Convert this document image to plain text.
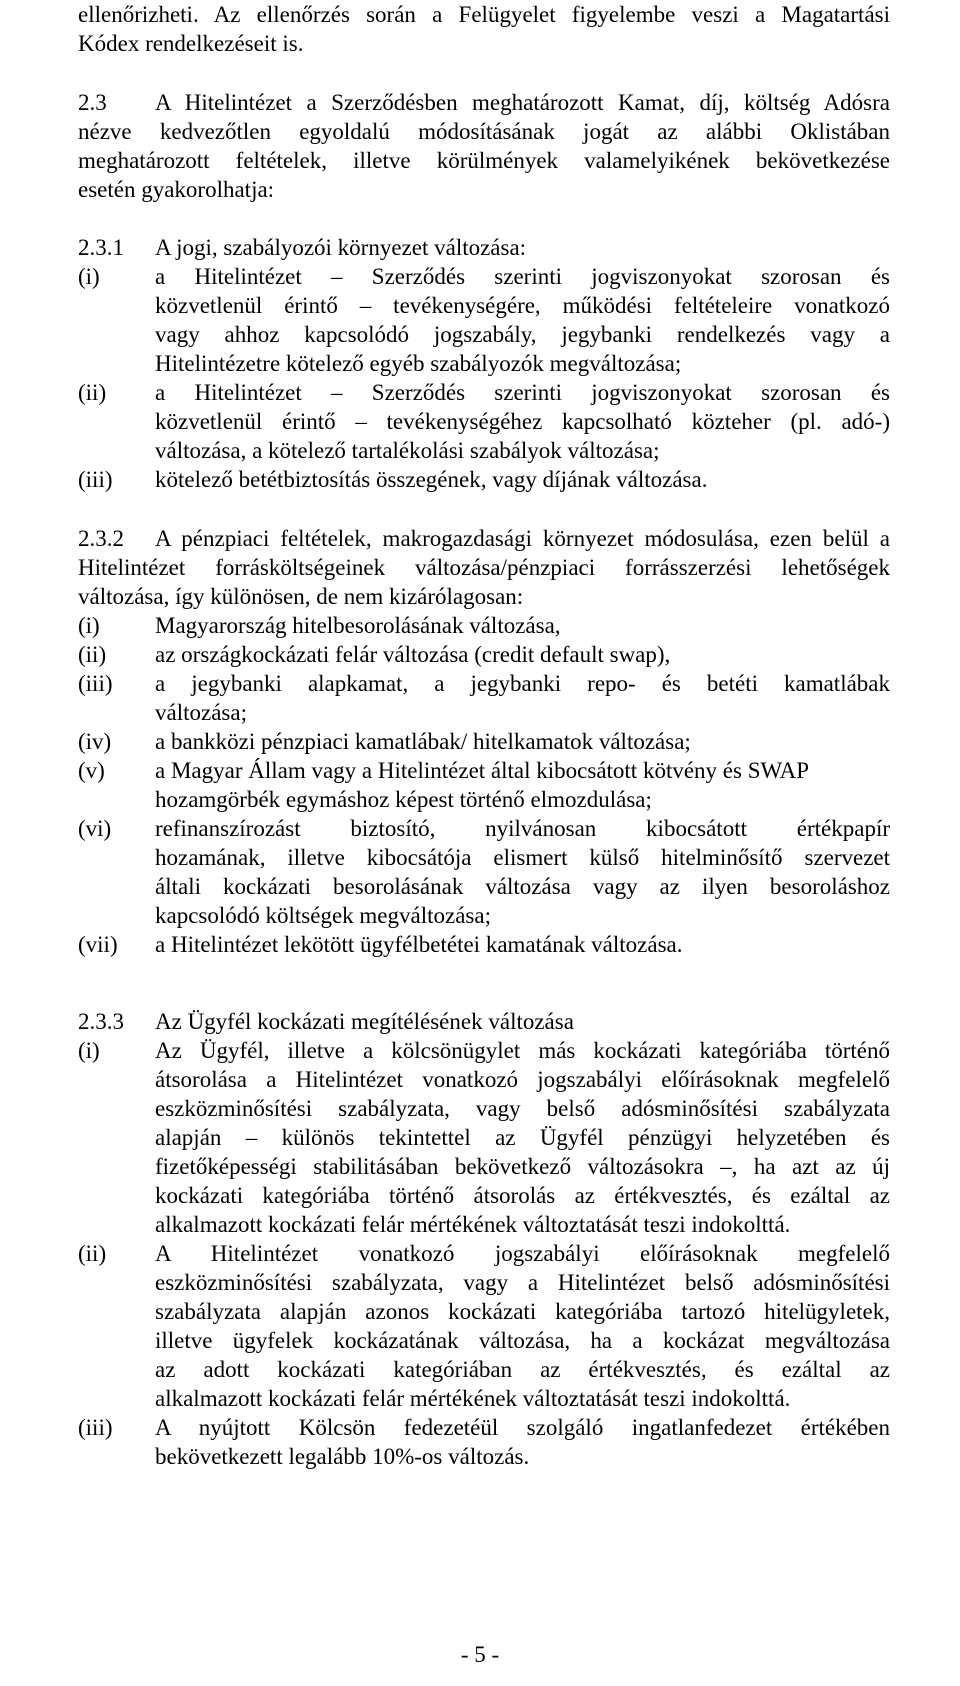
ellenőrizheti. Az ellenőrzés során a Felügyelet figyelembe veszi a Magatartási
Kódex rendelkezéseit is.
2.3 A Hitelintézet a Szerződésben meghatározott Kamat, díj, költség Adósra
nézve kedvezőtlen egyoldalú módosításának jogát az alábbi Oklistában
meghatározott feltételek, illetve körülmények valamelyikének bekövetkezése
esetén gyakorolhatja:
2.3.1 A jogi, szabályozói környezet változása:
(i) a Hitelintézet – Szerződés szerinti jogviszonyokat szorosan és
közvetlenül érintő – tevékenységére, működési feltételeire vonatkozó
vagy ahhoz kapcsolódó jogszabály, jegybanki rendelkezés vagy a
Hitelintézetre kötelező egyéb szabályozók megváltozása;
(ii) a Hitelintézet – Szerződés szerinti jogviszonyokat szorosan és
közvetlenül érintő – tevékenységéhez kapcsolható közteher (pl. adó-)
változása, a kötelező tartalékolási szabályok változása;
(iii) kötelező betétbiztosítás összegének, vagy díjának változása.
2.3.2 A pénzpiaci feltételek, makrogazdasági környezet módosulása, ezen belül a
Hitelintézet forrásköltségeinek változása/pénzpiaci forrásszerzési lehetőségek
változása, így különösen, de nem kizárólagosan:
(i) Magyarország hitelbesorolásának változása,
(ii) az országkockázati felár változása (credit default swap),
(iii) a jegybanki alapkamat, a jegybanki repo- és betéti kamatlábak
változása;
(iv) a bankközi pénzpiaci kamatlábak/ hitelkamatok változása;
(v) a Magyar Állam vagy a Hitelintézet által kibocsátott kötvény és SWAP
hozamgörbék egymáshoz képest történő elmozdulása;
(vi) refinanszírozást biztosító, nyilvánosan kibocsátott értékpapír
hozamának, illetve kibocsátója elismert külső hitelminősítő szervezet
általi kockázati besorolásának változása vagy az ilyen besoroláshoz
kapcsolódó költségek megváltozása;
(vii) a Hitelintézet lekötött ügyfélbetétei kamatának változása.
2.3.3 Az Ügyfél kockázati megítélésének változása
(i) Az Ügyfél, illetve a kölcsönügylet más kockázati kategóriába történő
átsorolása a Hitelintézet vonatkozó jogszabályi előírásoknak megfelelő
eszközminősítési szabályzata, vagy belső adósminősítési szabályzata
alapján – különös tekintettel az Ügyfél pénzügyi helyzetében és
fizetőképességi stabilitásában bekövetkező változásokra –, ha azt az új
kockázati kategóriába történő átsorolás az értékvesztés, és ezáltal az
alkalmazott kockázati felár mértékének változtatását teszi indokolttá.
(ii) A Hitelintézet vonatkozó jogszabályi előírásoknak megfelelő
eszközminősítési szabályzata, vagy a Hitelintézet belső adósminősítési
szabályzata alapján azonos kockázati kategóriába tartozó hitelügyletek,
illetve ügyfelek kockázatának változása, ha a kockázat megváltozása
az adott kockázati kategóriában az értékvesztés, és ezáltal az
alkalmazott kockázati felár mértékének változtatását teszi indokolttá.
(iii) A nyújtott Kölcsön fedezetéül szolgáló ingatlanfedezet értékében
bekövetkezett legalább 10%-os változás.
- 5 -
